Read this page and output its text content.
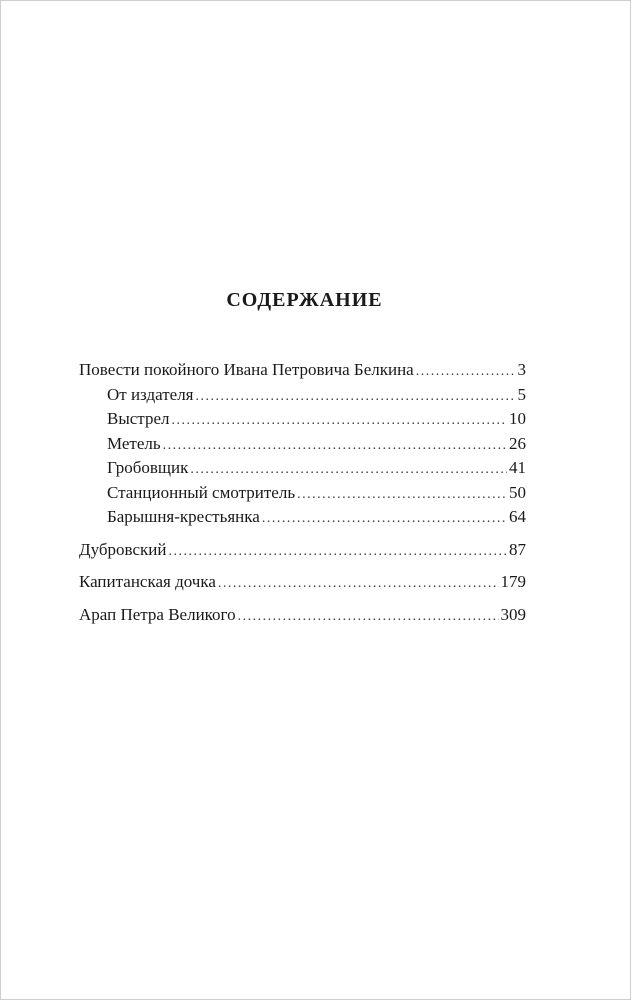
СОДЕРЖАНИЕ
Повести покойного Ивана Петровича Белкина . . .	3
От издателя . . .	5
Выстрел . . .	10
Метель . . .	26
Гробовщик . . .	41
Станционный смотритель . . .	50
Барышня-крестьянка . . .	64
Дубровский . . .	87
Капитанская дочка . . .	179
Арап Петра Великого . . .	309
